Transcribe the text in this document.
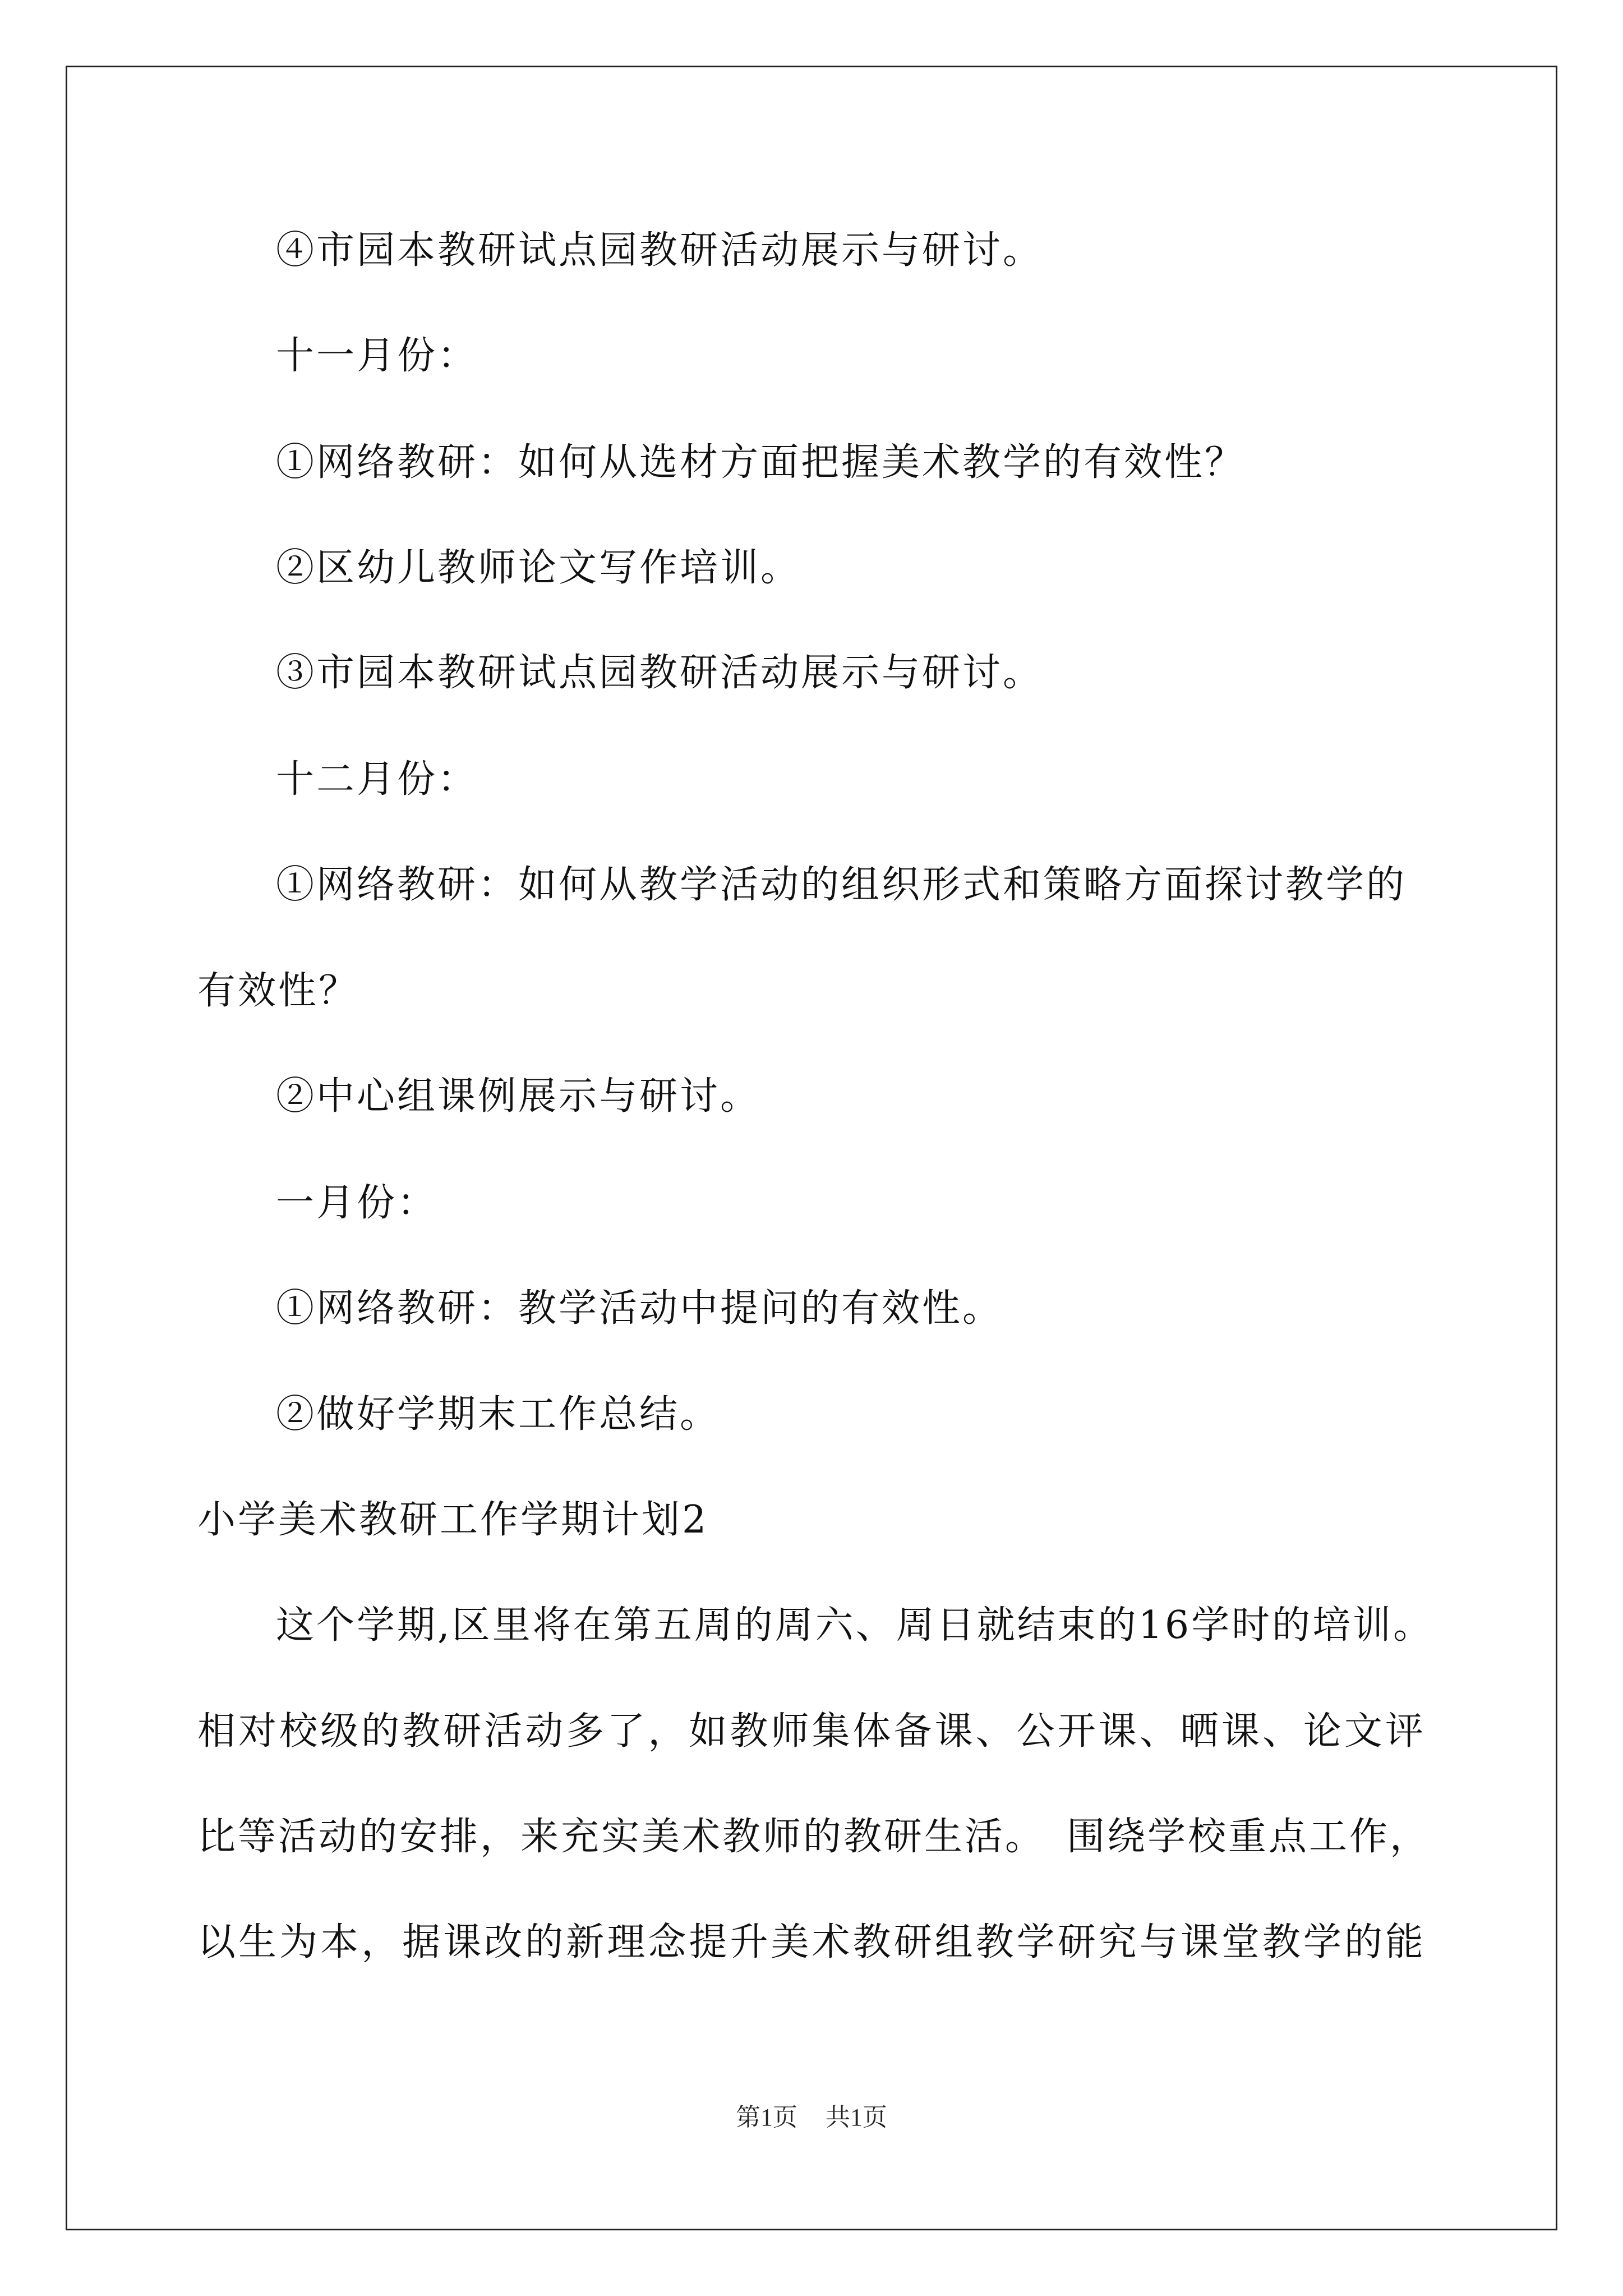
④市园本教研试点园教研活动展示与研讨。
十一月份：
①网络教研：如何从选材方面把握美术教学的有效性？
②区幼儿教师论文写作培训。
③市园本教研试点园教研活动展示与研讨。
十二月份：
①网络教研：如何从教学活动的组织形式和策略方面探讨教学的
有效性？
②中心组课例展示与研讨。
一月份：
①网络教研：教学活动中提问的有效性。
②做好学期末工作总结。
小学美术教研工作学期计划2
这个学期,区里将在第五周的周六、周日就结束的16学时的培训。
相对校级的教研活动多了，如教师集体备课、公开课、晒课、论文评
比等活动的安排，来充实美术教师的教研生活。　围绕学校重点工作，
以生为本，据课改的新理念提升美术教研组教学研究与课堂教学的能
第1页 共1页
